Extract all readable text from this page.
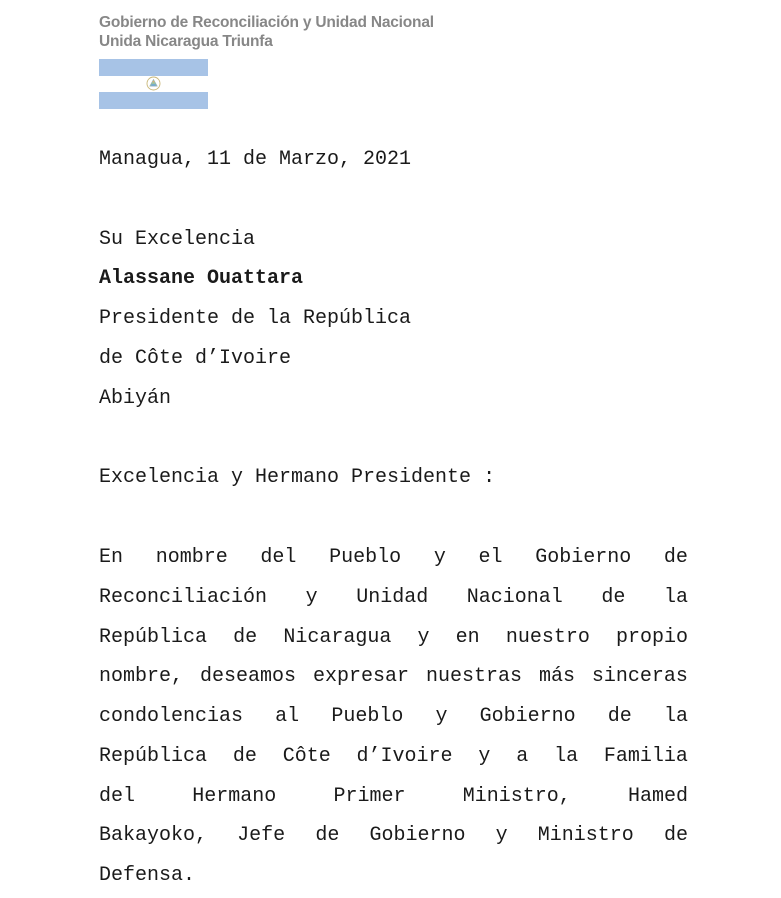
Gobierno de Reconciliación y Unidad Nacional
Unida Nicaragua Triunfa
Managua, 11 de Marzo, 2021
Su Excelencia
Alassane Ouattara
Presidente de la República
de Côte d’Ivoire
Abiyán
Excelencia y Hermano Presidente :
En nombre del Pueblo y el Gobierno de
Reconciliación y Unidad Nacional de la
República de Nicaragua y en nuestro propio
nombre, deseamos expresar nuestras más sinceras
condolencias al Pueblo y Gobierno de la
República de Côte d’Ivoire y a la Familia
del	Hermano	Primer	Ministro,	Hamed
Bakayoko, Jefe de Gobierno y Ministro de
Defensa.
